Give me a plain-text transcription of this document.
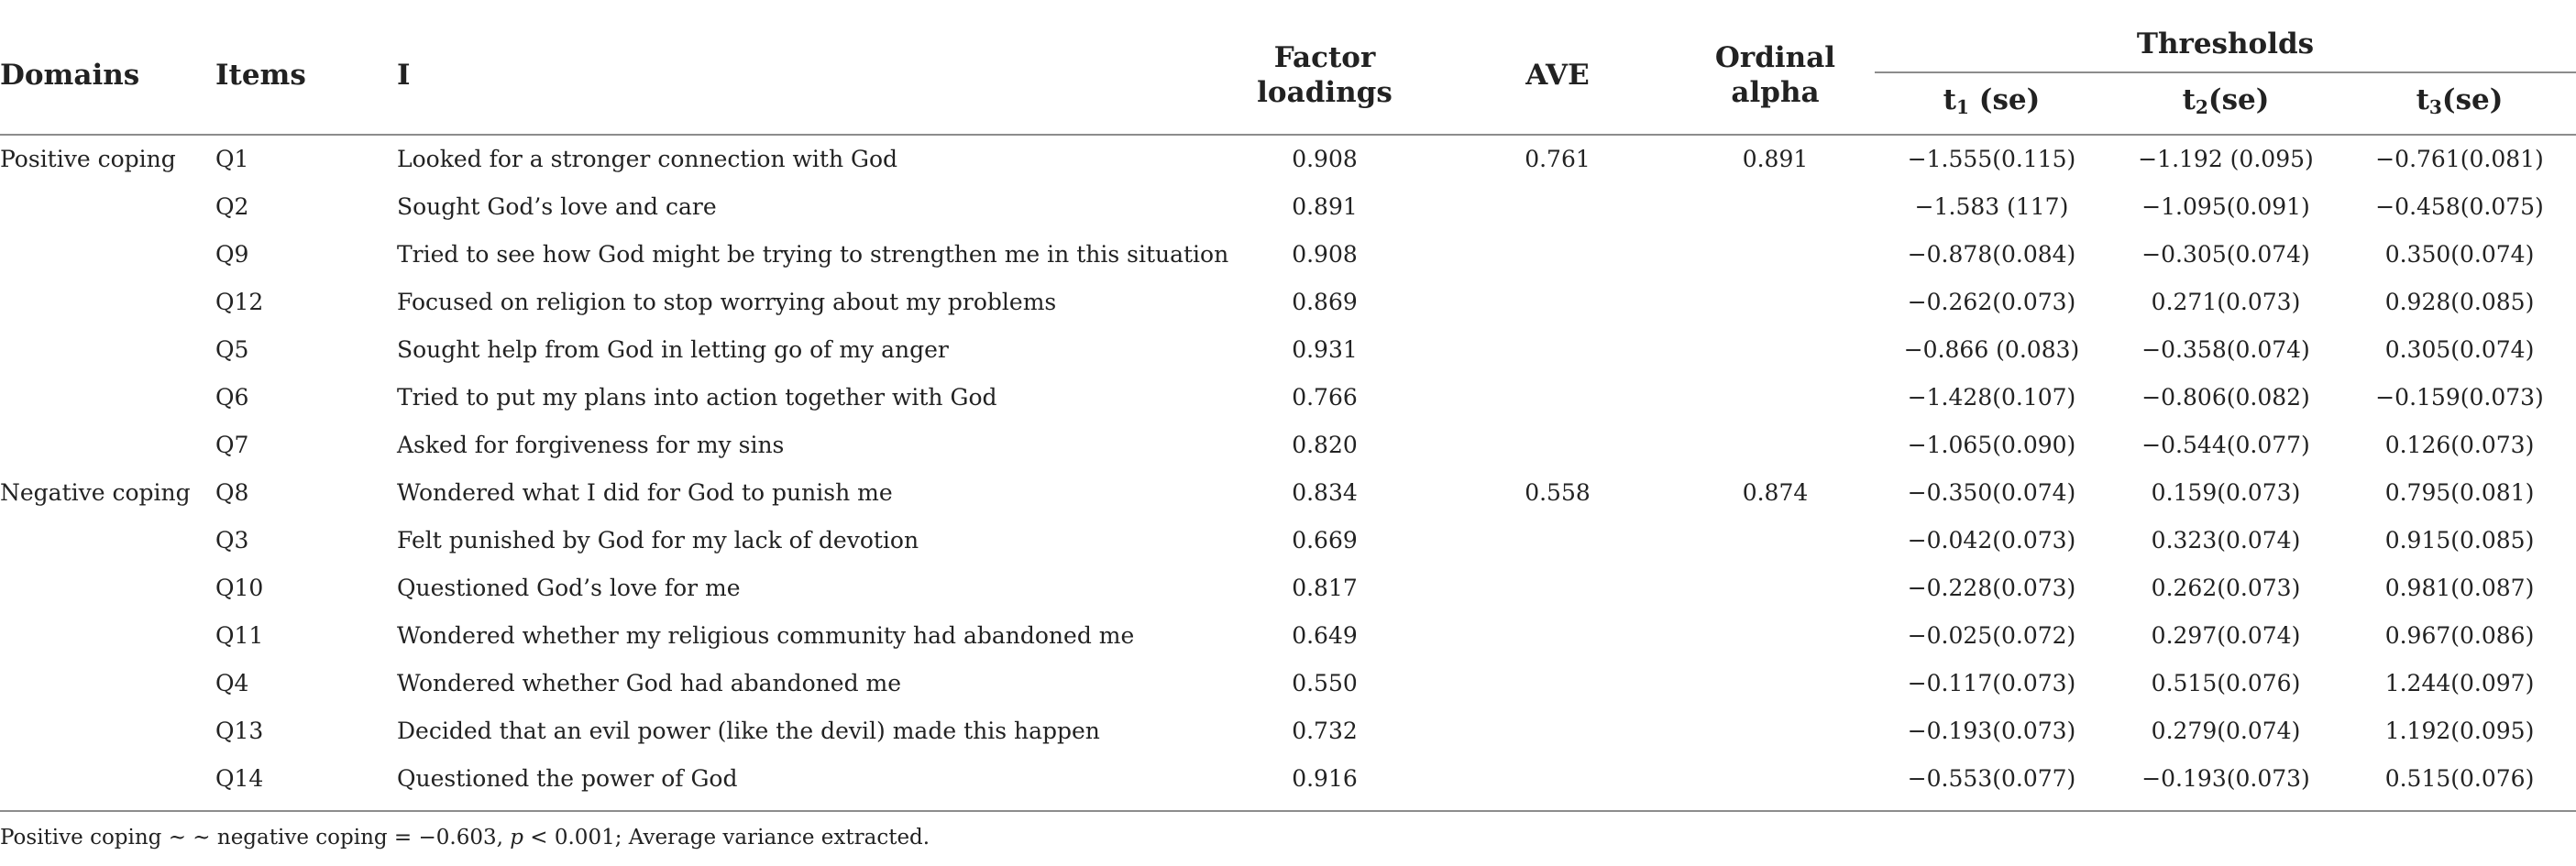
Domains	Items	I	Factor loadings	AVE	Ordinal alpha	Thresholds		
						$t_1$ (se)	$t_2(se)$	$t_3(se)$

Positive coping	Q1	Looked for a stronger connection with God	0.908	0.761	0.891	−1.555(0.115)	−1.192 (0.095)	−0.761(0.081)
	Q2	Sought God’s love and care	0.891			−1.583 (117)	−1.095(0.091)	−0.458(0.075)
	Q9	Tried to see how God might be trying to strengthen me in this situation	0.908			−0.878(0.084)	−0.305(0.074)	0.350(0.074)
	Q12	Focused on religion to stop worrying about my problems	0.869			−0.262(0.073)	0.271(0.073)	0.928(0.085)
	Q5	Sought help from God in letting go of my anger	0.931			−0.866 (0.083)	−0.358(0.074)	0.305(0.074)
	Q6	Tried to put my plans into action together with God	0.766			−1.428(0.107)	−0.806(0.082)	−0.159(0.073)
	Q7	Asked for forgiveness for my sins	0.820			−1.065(0.090)	−0.544(0.077)	0.126(0.073)
Negative coping	Q8	Wondered what I did for God to punish me	0.834	0.558	0.874	−0.350(0.074)	0.159(0.073)	0.795(0.081)
	Q3	Felt punished by God for my lack of devotion	0.669			−0.042(0.073)	0.323(0.074)	0.915(0.085)
	Q10	Questioned God’s love for me	0.817			−0.228(0.073)	0.262(0.073)	0.981(0.087)
	Q11	Wondered whether my religious community had abandoned me	0.649			−0.025(0.072)	0.297(0.074)	0.967(0.086)
	Q4	Wondered whether God had abandoned me	0.550			−0.117(0.073)	0.515(0.076)	1.244(0.097)
	Q13	Decided that an evil power (like the devil) made this happen	0.732			−0.193(0.073)	0.279(0.074)	1.192(0.095)
	Q14	Questioned the power of God	0.916			−0.553(0.077)	−0.193(0.073)	0.515(0.076)
Positive coping ~ ~ negative coping = −0.603, p < 0.001; Average variance extracted.
